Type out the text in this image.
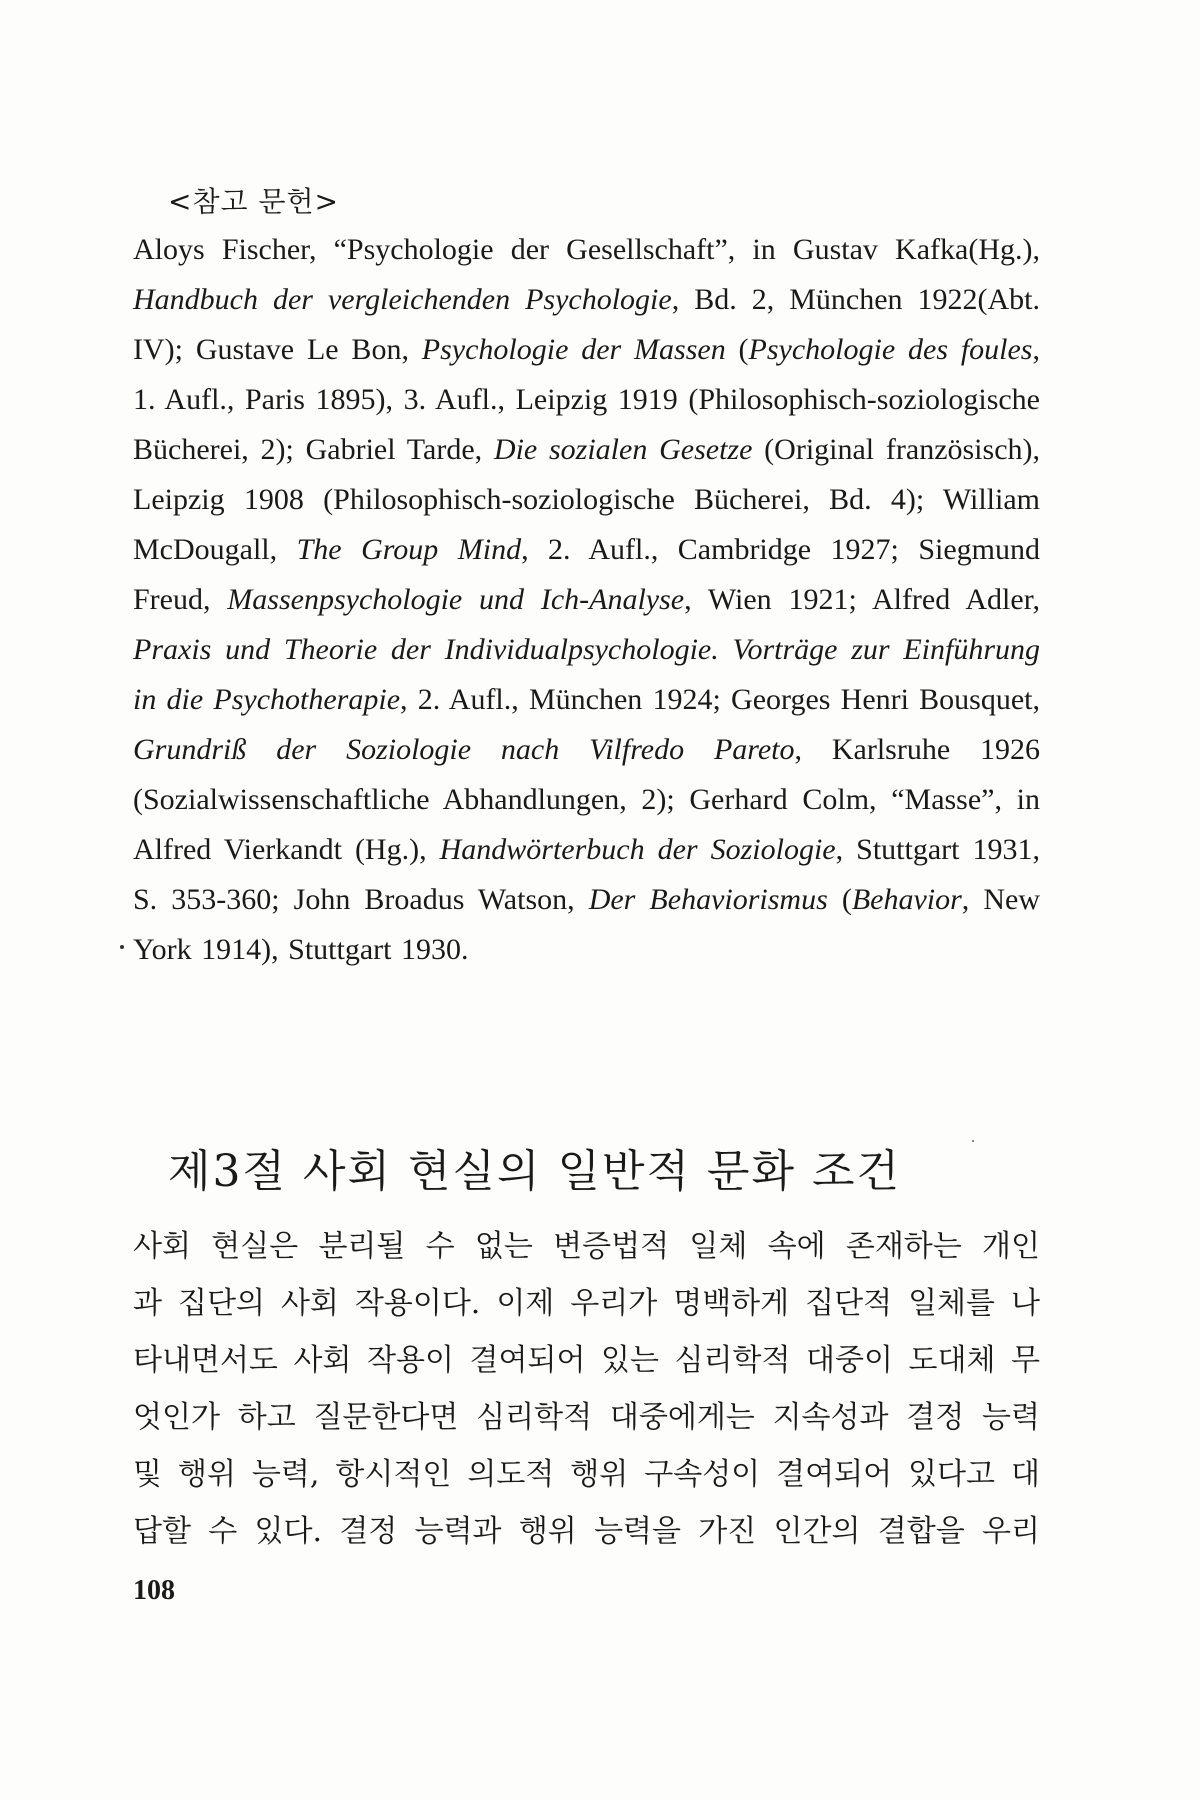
<참고 문헌>
Aloys Fischer, “Psychologie der Gesellschaft”, in Gustav Kafka(Hg.), Handbuch der vergleichenden Psychologie, Bd. 2, München 1922(Abt. IV); Gustave Le Bon, Psychologie der Massen (Psychologie des foules, 1. Aufl., Paris 1895), 3. Aufl., Leipzig 1919 (Philosophisch-soziologische Bücherei, 2); Gabriel Tarde, Die sozialen Gesetze (Original französisch), Leipzig 1908 (Philosophisch-soziologische Bücherei, Bd. 4); William McDougall, The Group Mind, 2. Aufl., Cambridge 1927; Siegmund Freud, Massenpsychologie und Ich-Analyse, Wien 1921; Alfred Adler, Praxis und Theorie der Individualpsychologie. Vorträge zur Einführung in die Psychotherapie, 2. Aufl., München 1924; Georges Henri Bousquet, Grundriß der Soziologie nach Vilfredo Pareto, Karlsruhe 1926 (Sozialwissenschaftliche Abhandlungen, 2); Gerhard Colm, “Masse”, in Alfred Vierkandt (Hg.), Handwörterbuch der Soziologie, Stuttgart 1931, S. 353-360; John Broadus Watson, Der Behaviorismus (Behavior, New York 1914), Stuttgart 1930.
제3절 사회 현실의 일반적 문화 조건
사회 현실은 분리될 수 없는 변증법적 일체 속에 존재하는 개인
과 집단의 사회 작용이다. 이제 우리가 명백하게 집단적 일체를 나
타내면서도 사회 작용이 결여되어 있는 심리학적 대중이 도대체 무
엇인가 하고 질문한다면 심리학적 대중에게는 지속성과 결정 능력
및 행위 능력, 항시적인 의도적 행위 구속성이 결여되어 있다고 대
답할 수 있다. 결정 능력과 행위 능력을 가진 인간의 결합을 우리
108
